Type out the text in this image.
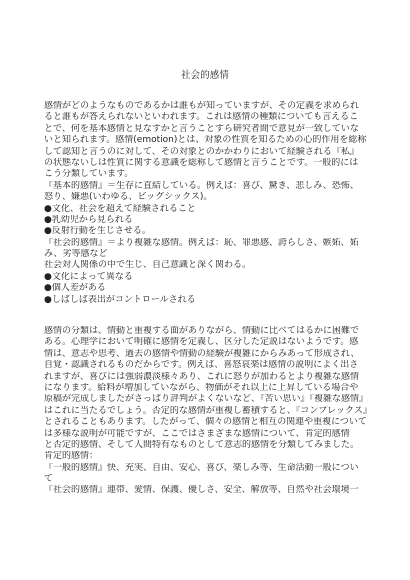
社会的感情
感情がどのようなものであるかは誰もが知っていますが、その定義を求められ
ると誰もが答えられないといわれます。これは感情の種類についても言えるこ
とで、何を基本感情と見なすかと言うことすら研究者間で意見が一致していな
いと知られます。感情(emotion)とは、対象の性質を知るための心的作用を総称
して認知と言うのに対して、その対象とのかかわりにおいて経験される『私』
の状態ないしは性質に関する意識を総称して感情と言うことです。一般的には
こう分類しています。
『基本的感情』＝生存に直結している。例えば：喜び、驚き、悲しみ、恐怖、
怒り、嫌悪(いわゆる、ビッグシックス)。
●文化、社会を超えて経験されること
●乳幼児から見られる
●反射行動を生じさせる。
『社会的感情』＝より複雑な感情。例えば：恥、罪悪感、誇らしさ、嫉妬、妬
み、劣等感など
社会対人関係の中で生じ、自己意識と深く関わる。
●文化によって異なる
●個人差がある
●しばしば表出がコントロールされる
感情の分類は、情動と重複する面がありながら、情動に比べてはるかに困難で
ある。心理学において明確に感情を定義し、区分した定説はないようです。感
情は、意志や思考、過去の感情や情動の経験が複雑にからみあって形成され、
自覚・認識されるものだからです。例えば、喜怒哀楽は感情の説明によく出さ
れますが、喜びには強弱濃淡様々あり、これに怒りが加わるとより複雑な感情
になります。給料が増加していながら、物価がそれ以上に上昇している場合や
原稿が完成しましたがさっぱり評判がよくないなど、『苦い思い』『複雑な感情』
はこれに当たるでしょう。否定的な感情が重複し蓄積すると、『コンプレックス』
とされることもあります。したがって、個々の感情と相互の関連や重複について
は多様な説明が可能ですが、ここではさまざまな感情について、肯定的感情
と否定的感情、そして人間特有なものとして意志的感情を分類してみました。
肯定的感情：
『一般的感情』快、充実、自由、安心、喜び、楽しみ等、生命活動一般につい
て
『社会的感情』連帯、愛情、保護、優しさ、安全、解放等、自然や社会環境一
